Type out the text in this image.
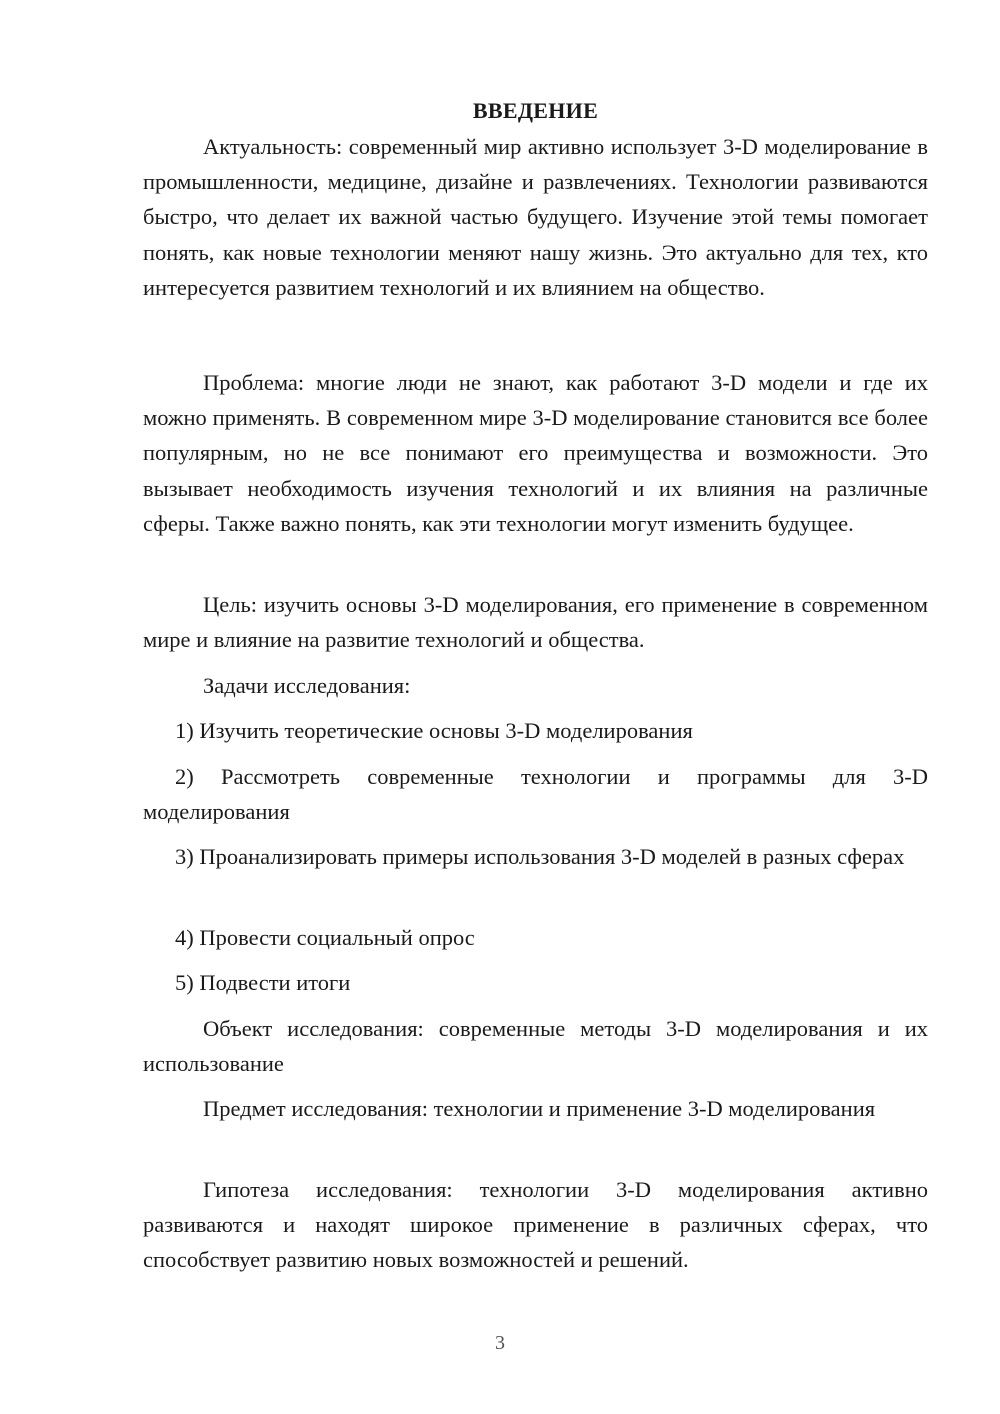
ВВЕДЕНИЕ

Актуальность: современный мир активно использует 3-D моделирование в промышленности, медицине, дизайне и развлечениях. Технологии развиваются быстро, что делает их важной частью будущего. Изучение этой темы помогает понять, как новые технологии меняют нашу жизнь. Это актуально для тех, кто интересуется развитием технологий и их влиянием на общество.

Проблема: многие люди не знают, как работают 3-D модели и где их можно применять. В современном мире 3-D моделирование становится все более популярным, но не все понимают его преимущества и возможности. Это вызывает необходимость изучения технологий и их влияния на различные сферы. Также важно понять, как эти технологии могут изменить будущее.

Цель: изучить основы 3-D моделирования, его применение в современном мире и влияние на развитие технологий и общества.

Задачи исследования:

1) Изучить теоретические основы 3-D моделирования

2) Рассмотреть современные технологии и программы для 3-D моделирования

3) Проанализировать примеры использования 3-D моделей в разных сферах

4) Провести социальный опрос

5) Подвести итоги

Объект исследования: современные методы 3-D моделирования и их использование

Предмет исследования: технологии и применение 3-D моделирования

Гипотеза исследования: технологии 3-D моделирования активно развиваются и находят широкое применение в различных сферах, что способствует развитию новых возможностей и решений.

3
